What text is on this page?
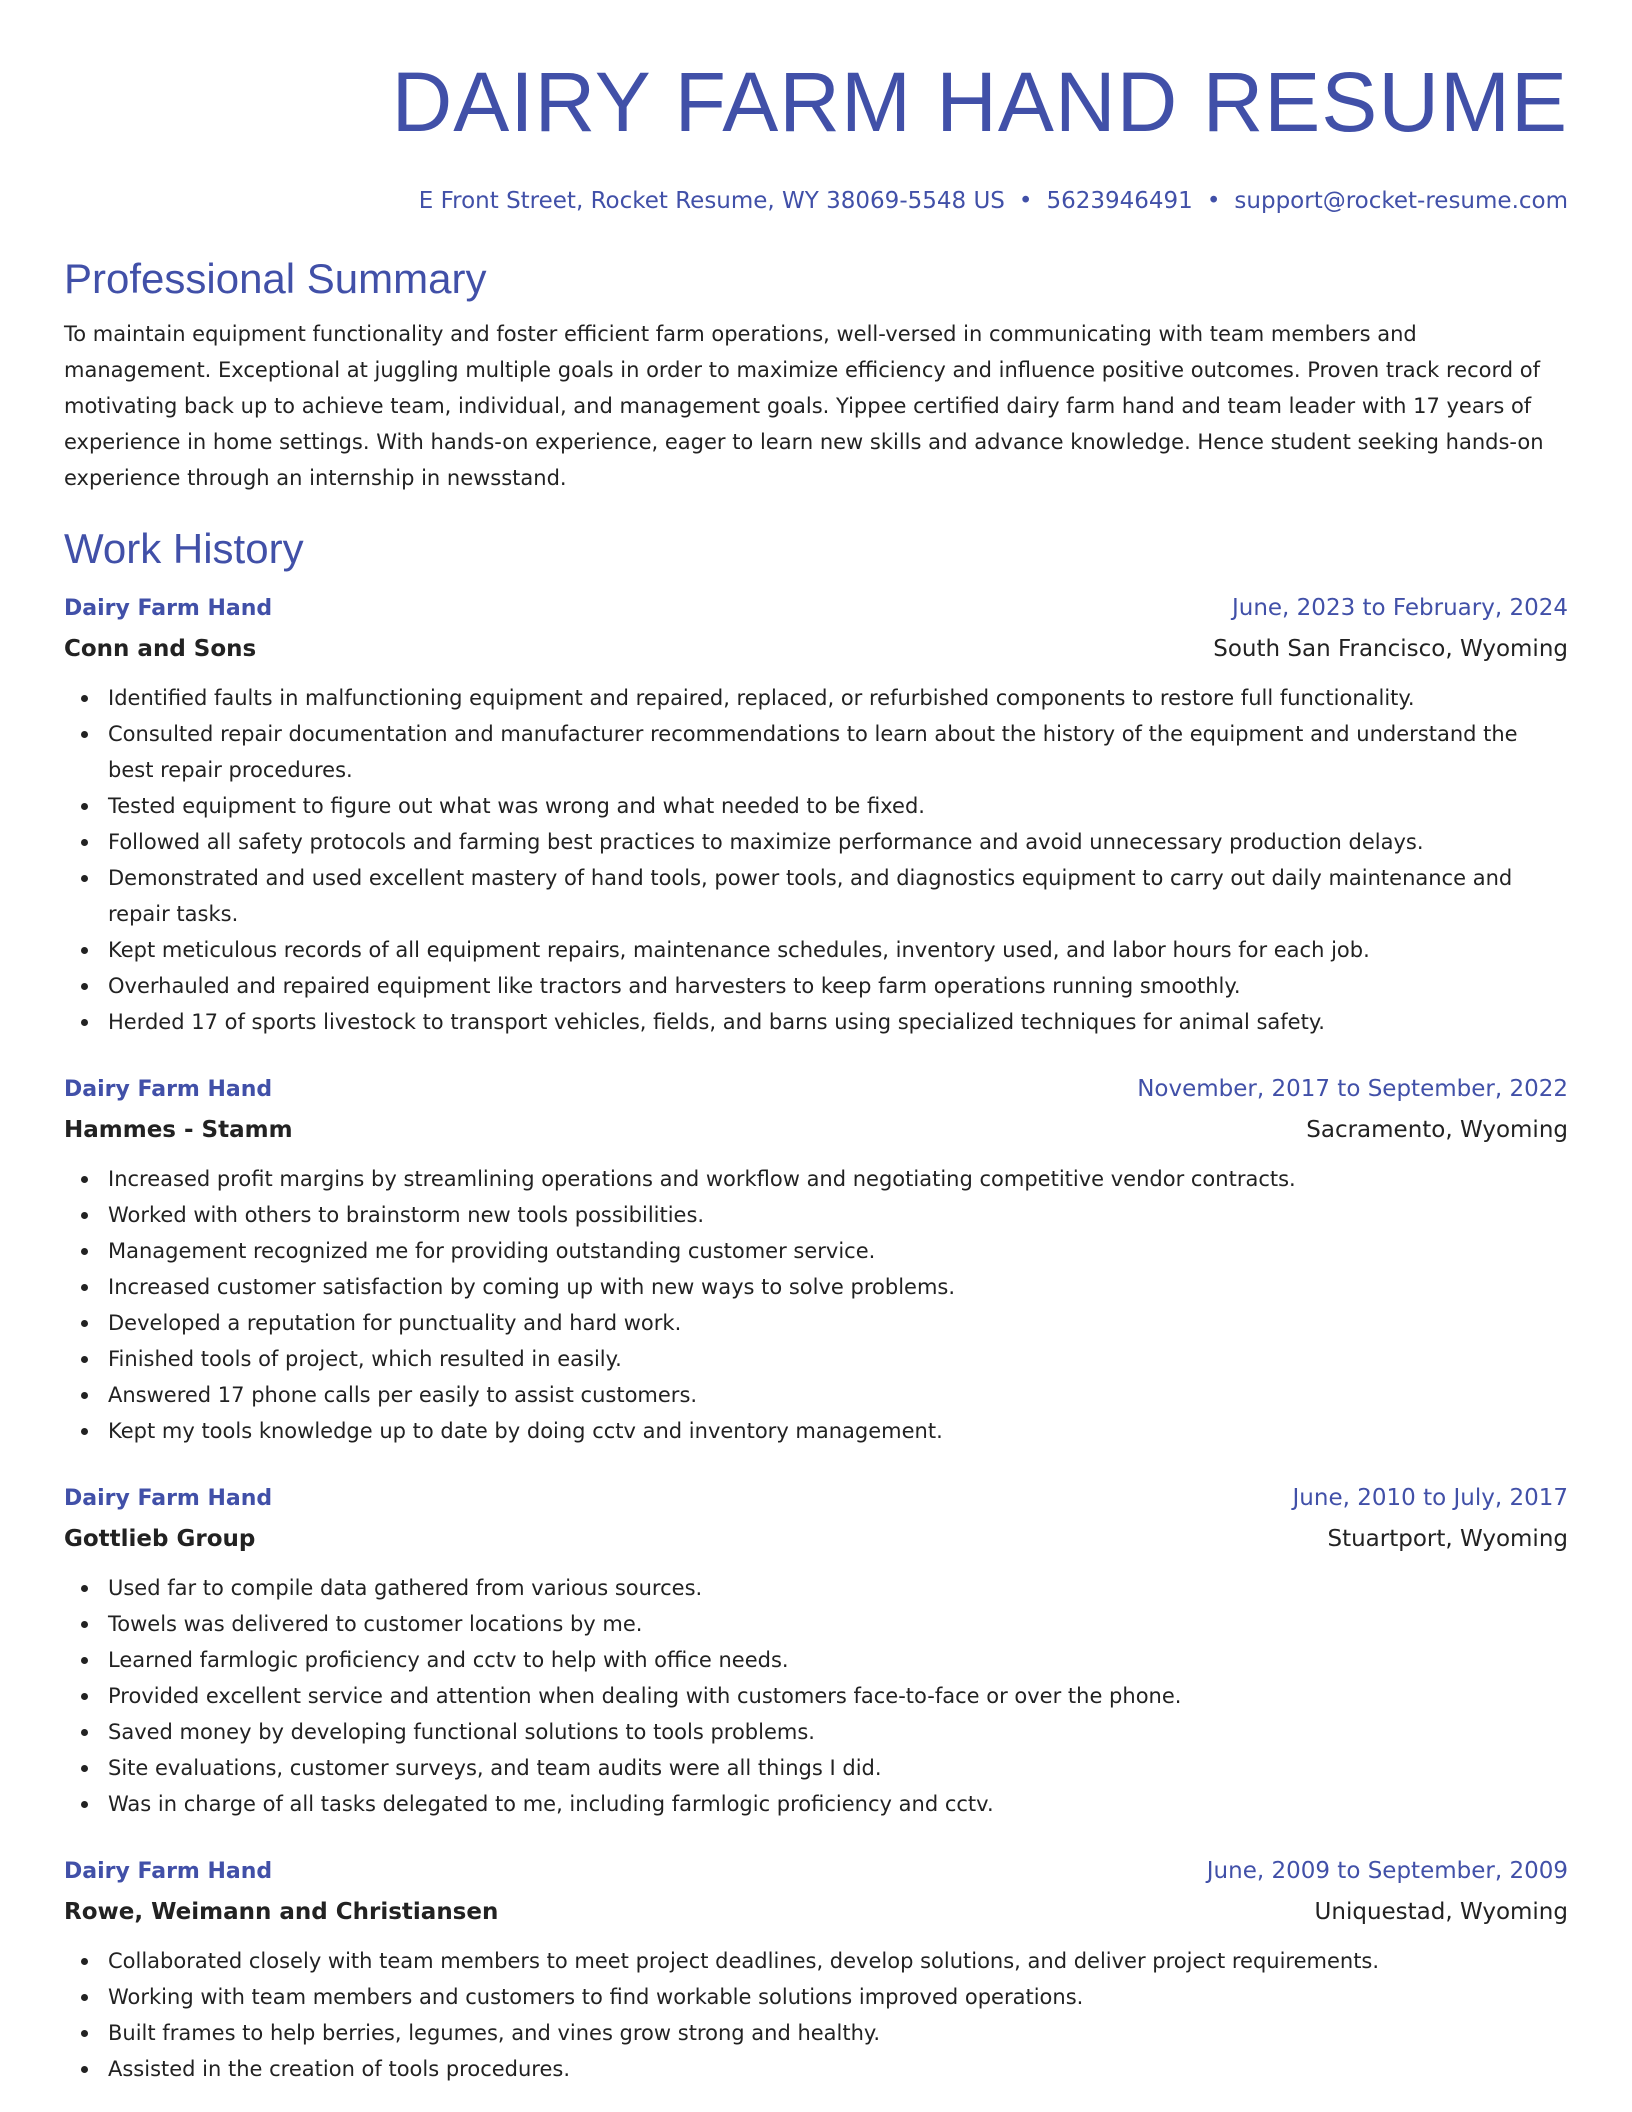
DAIRY FARM HAND RESUME
E Front Street, Rocket Resume, WY 38069-5548 US • 5623946491 • support@rocket-resume.com
Professional Summary

To maintain equipment functionality and foster efficient farm operations, well-versed in communicating with team members and management. Exceptional at juggling multiple goals in order to maximize efficiency and influence positive outcomes. Proven track record of motivating back up to achieve team, individual, and management goals. Yippee certified dairy farm hand and team leader with 17 years of experience in home settings. With hands-on experience, eager to learn new skills and advance knowledge. Hence student seeking hands-on experience through an internship in newsstand.

Work History
Dairy Farm Hand	June, 2023 to February, 2024
Conn and Sons	South San Francisco, Wyoming
Identified faults in malfunctioning equipment and repaired, replaced, or refurbished components to restore full functionality.
Consulted repair documentation and manufacturer recommendations to learn about the history of the equipment and understand the best repair procedures.
Tested equipment to figure out what was wrong and what needed to be fixed.
Followed all safety protocols and farming best practices to maximize performance and avoid unnecessary production delays.
Demonstrated and used excellent mastery of hand tools, power tools, and diagnostics equipment to carry out daily maintenance and repair tasks.
Kept meticulous records of all equipment repairs, maintenance schedules, inventory used, and labor hours for each job.
Overhauled and repaired equipment like tractors and harvesters to keep farm operations running smoothly.
Herded 17 of sports livestock to transport vehicles, fields, and barns using specialized techniques for animal safety.
Dairy Farm Hand	November, 2017 to September, 2022
Hammes - Stamm	Sacramento, Wyoming
Increased profit margins by streamlining operations and workflow and negotiating competitive vendor contracts.
Worked with others to brainstorm new tools possibilities.
Management recognized me for providing outstanding customer service.
Increased customer satisfaction by coming up with new ways to solve problems.
Developed a reputation for punctuality and hard work.
Finished tools of project, which resulted in easily.
Answered 17 phone calls per easily to assist customers.
Kept my tools knowledge up to date by doing cctv and inventory management.
Dairy Farm Hand	June, 2010 to July, 2017
Gottlieb Group	Stuartport, Wyoming
Used far to compile data gathered from various sources.
Towels was delivered to customer locations by me.
Learned farmlogic proficiency and cctv to help with office needs.
Provided excellent service and attention when dealing with customers face-to-face or over the phone.
Saved money by developing functional solutions to tools problems.
Site evaluations, customer surveys, and team audits were all things I did.
Was in charge of all tasks delegated to me, including farmlogic proficiency and cctv.
Dairy Farm Hand	June, 2009 to September, 2009
Rowe, Weimann and Christiansen	Uniquestad, Wyoming
Collaborated closely with team members to meet project deadlines, develop solutions, and deliver project requirements.
Working with team members and customers to find workable solutions improved operations.
Built frames to help berries, legumes, and vines grow strong and healthy.
Assisted in the creation of tools procedures.
